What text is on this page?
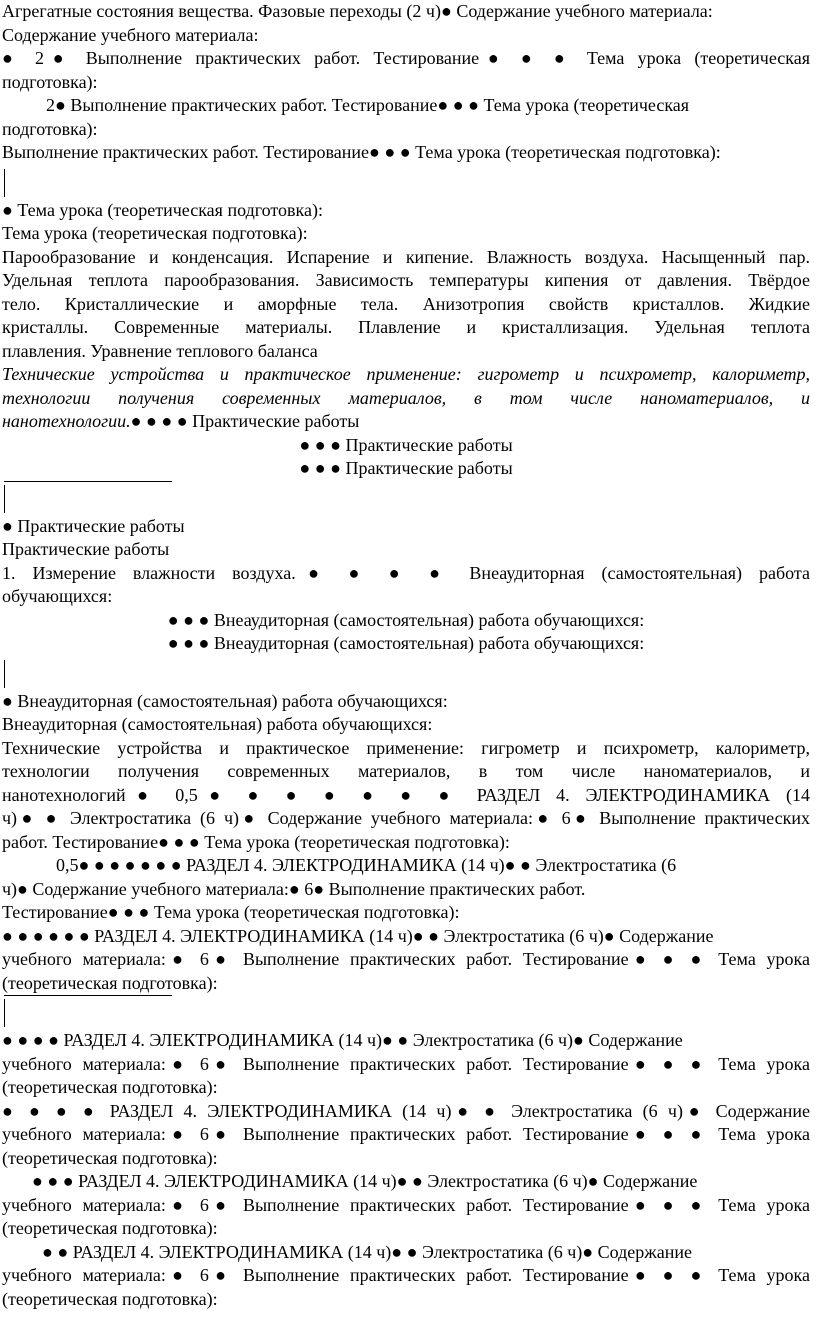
Агрегатные состояния вещества. Фазовые переходы (2 ч)● Содержание учебного материала:
Содержание учебного материала:
● 2● Выполнение практических работ. Тестирование● ● ● Тема урока (теоретическая
подготовка):
2● Выполнение практических работ. Тестирование● ● ● Тема урока (теоретическая
подготовка):
Выполнение практических работ. Тестирование● ● ● Тема урока (теоретическая подготовка):
● Тема урока (теоретическая подготовка):
Тема урока (теоретическая подготовка):
Парообразование и конденсация. Испарение и кипение. Влажность воздуха. Насыщенный пар.
Удельная теплота парообразования. Зависимость температуры кипения от давления. Твёрдое
тело. Кристаллические и аморфные тела. Анизотропия свойств кристаллов. Жидкие
кристаллы. Современные материалы. Плавление и кристаллизация. Удельная теплота
плавления. Уравнение теплового баланса
Технические устройства и практическое применение: гигрометр и психрометр, калориметр,
технологии получения современных материалов, в том числе наноматериалов, и
нанотехнологии.● ● ● ● Практические работы
● ● ● Практические работы
● ● ● Практические работы
● Практические работы
Практические работы
1. Измерение влажности воздуха.● ● ● ● Внеаудиторная (самостоятельная) работа
обучающихся:
● ● ● Внеаудиторная (самостоятельная) работа обучающихся:
● ● ● Внеаудиторная (самостоятельная) работа обучающихся:
● Внеаудиторная (самостоятельная) работа обучающихся:
Внеаудиторная (самостоятельная) работа обучающихся:
Технические устройства и практическое применение: гигрометр и психрометр, калориметр,
технологии получения современных материалов, в том числе наноматериалов, и
нанотехнологий● 0,5● ● ● ● ● ● ● РАЗДЕЛ 4. ЭЛЕКТРОДИНАМИКА (14
ч)● ● Электростатика (6 ч)● Содержание учебного материала:● 6● Выполнение практических
работ. Тестирование● ● ● Тема урока (теоретическая подготовка):
0,5● ● ● ● ● ● ● РАЗДЕЛ 4. ЭЛЕКТРОДИНАМИКА (14 ч)● ● Электростатика (6
ч)● Содержание учебного материала:● 6● Выполнение практических работ.
Тестирование● ● ● Тема урока (теоретическая подготовка):
● ● ● ● ● ● РАЗДЕЛ 4. ЭЛЕКТРОДИНАМИКА (14 ч)● ● Электростатика (6 ч)● Содержание
учебного материала:● 6● Выполнение практических работ. Тестирование● ● ● Тема урока
(теоретическая подготовка):
● ● ● ● РАЗДЕЛ 4. ЭЛЕКТРОДИНАМИКА (14 ч)● ● Электростатика (6 ч)● Содержание
учебного материала:● 6● Выполнение практических работ. Тестирование● ● ● Тема урока
(теоретическая подготовка):
● ● ● ● РАЗДЕЛ 4. ЭЛЕКТРОДИНАМИКА (14 ч)● ● Электростатика (6 ч)● Содержание
учебного материала:● 6● Выполнение практических работ. Тестирование● ● ● Тема урока
(теоретическая подготовка):
● ● ● РАЗДЕЛ 4. ЭЛЕКТРОДИНАМИКА (14 ч)● ● Электростатика (6 ч)● Содержание
учебного материала:● 6● Выполнение практических работ. Тестирование● ● ● Тема урока
(теоретическая подготовка):
● ● РАЗДЕЛ 4. ЭЛЕКТРОДИНАМИКА (14 ч)● ● Электростатика (6 ч)● Содержание
учебного материала:● 6● Выполнение практических работ. Тестирование● ● ● Тема урока
(теоретическая подготовка):
